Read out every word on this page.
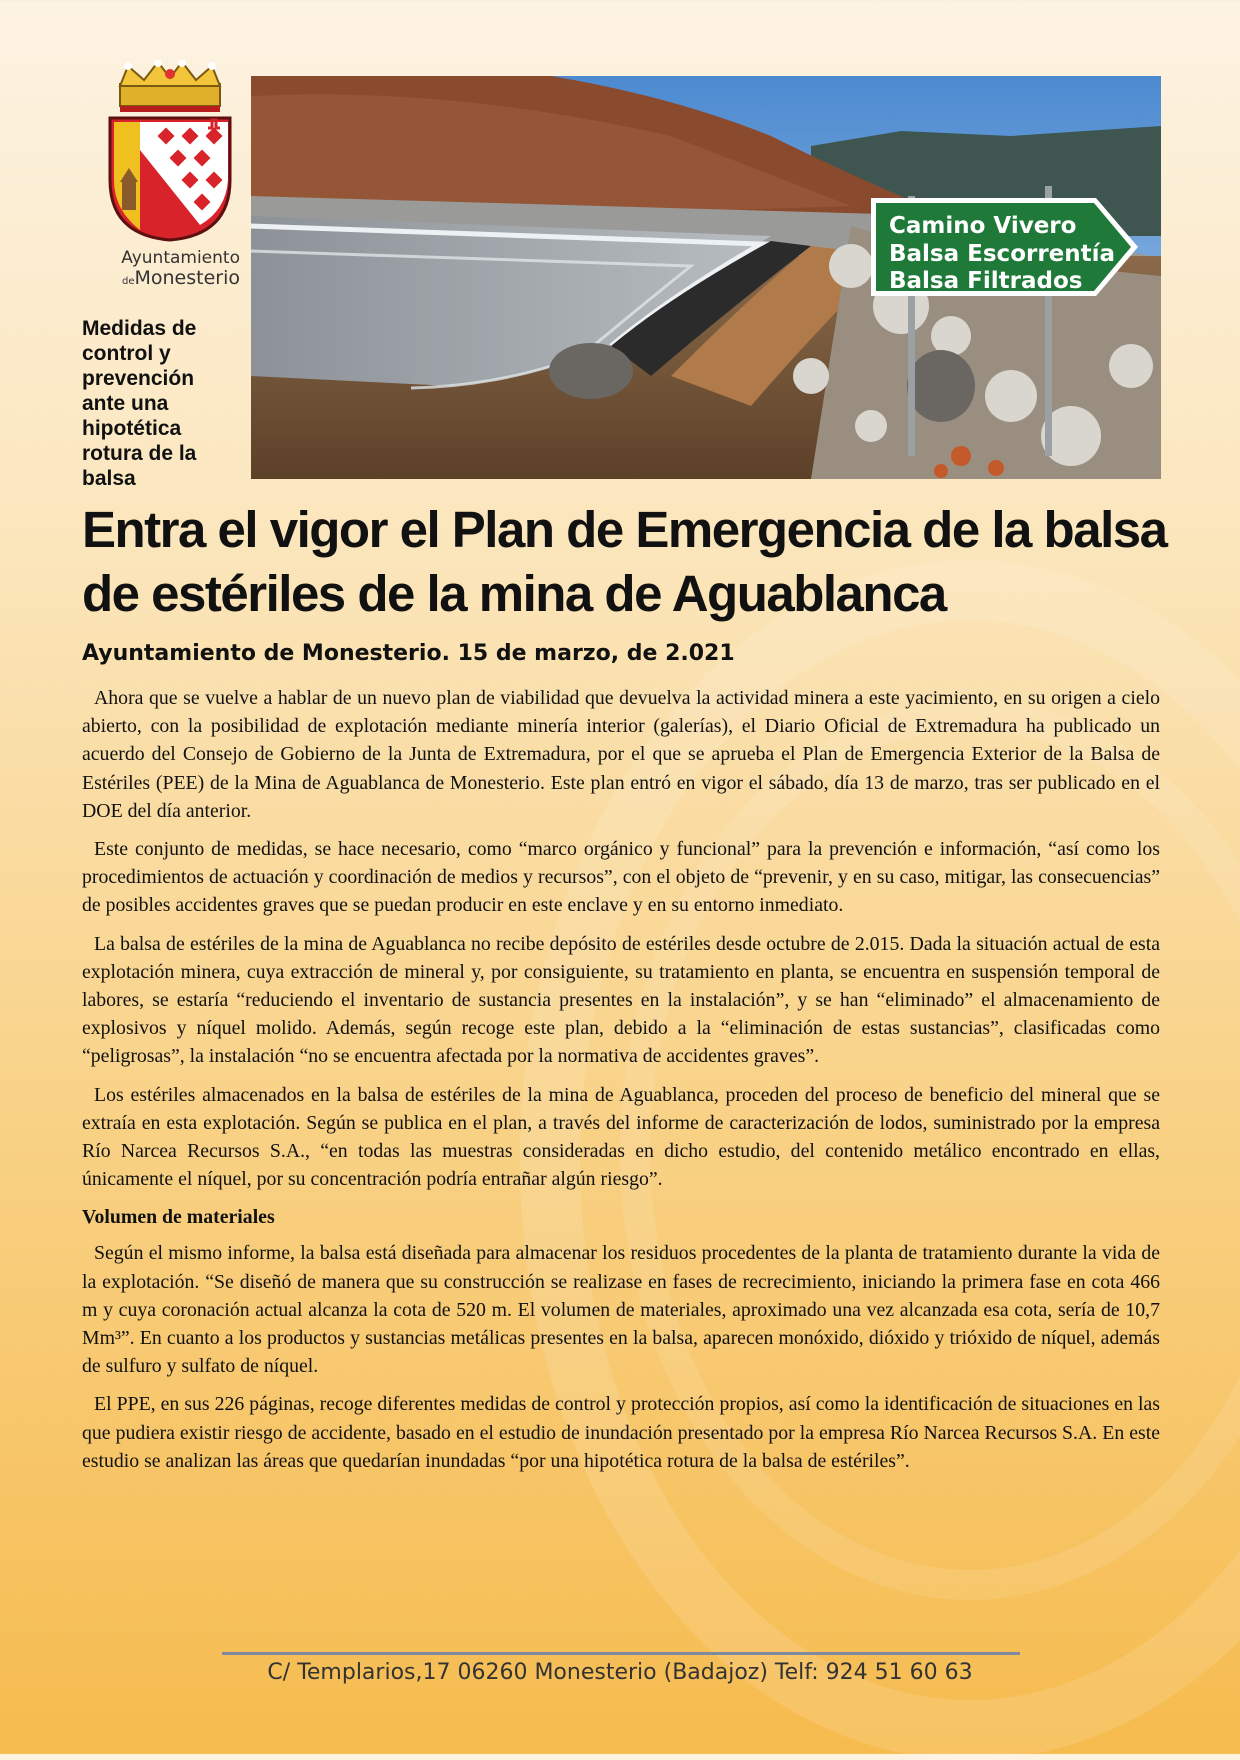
Ayuntamiento
deMonesterio
Medidas de control y prevención ante una hipotética rotura de la balsa
Camino Vivero
Balsa Escorrentía
Balsa Filtrados
Entra el vigor el Plan de Emergencia de la balsa de estériles de la mina de Aguablanca
Ayuntamiento de Monesterio. 15 de marzo, de 2.021

Ahora que se vuelve a hablar de un nuevo plan de viabilidad que devuelva la actividad minera a este yacimiento, en su origen a cielo abierto, con la posibilidad de explotación mediante minería interior (galerías), el Diario Oficial de Extremadura ha publicado un acuerdo del Consejo de Gobierno de la Junta de Extremadura, por el que se aprueba el Plan de Emergencia Exterior de la Balsa de Estériles (PEE) de la Mina de Aguablanca de Monesterio. Este plan entró en vigor el sábado, día 13 de marzo, tras ser publicado en el DOE del día anterior.

Este conjunto de medidas, se hace necesario, como “marco orgánico y funcional” para la prevención e información, “así como los procedimientos de actuación y coordinación de medios y recursos”, con el objeto de “prevenir, y en su caso, mitigar, las consecuencias” de posibles accidentes graves que se puedan producir en este enclave y en su entorno inmediato.

La balsa de estériles de la mina de Aguablanca no recibe depósito de estériles desde octubre de 2.015. Dada la situación actual de esta explotación minera, cuya extracción de mineral y, por consiguiente, su tratamiento en planta, se encuentra en suspensión temporal de labores, se estaría “reduciendo el inventario de sustancia presentes en la instalación”, y se han “eliminado” el almacenamiento de explosivos y níquel molido. Además, según recoge este plan, debido a la “eliminación de estas sustancias”, clasificadas como “peligrosas”, la instalación “no se encuentra afectada por la normativa de accidentes graves”.

Los estériles almacenados en la balsa de estériles de la mina de Aguablanca, proceden del proceso de beneficio del mineral que se extraía en esta explotación. Según se publica en el plan, a través del informe de caracterización de lodos, suministrado por la empresa Río Narcea Recursos S.A., “en todas las muestras consideradas en dicho estudio, del contenido metálico encontrado en ellas, únicamente el níquel, por su concentración podría entrañar algún riesgo”.

Volumen de materiales

Según el mismo informe, la balsa está diseñada para almacenar los residuos procedentes de la planta de tratamiento durante la vida de la explotación. “Se diseñó de manera que su construcción se realizase en fases de recrecimiento, iniciando la primera fase en cota 466 m y cuya coronación actual alcanza la cota de 520 m. El volumen de materiales, aproximado una vez alcanzada esa cota, sería de 10,7 Mm³”. En cuanto a los productos y sustancias metálicas presentes en la balsa, aparecen monóxido, dióxido y trióxido de níquel, además de sulfuro y sulfato de níquel.

El PPE, en sus 226 páginas, recoge diferentes medidas de control y protección propios, así como la identificación de situaciones en las que pudiera existir riesgo de accidente, basado en el estudio de inundación presentado por la empresa Río Narcea Recursos S.A. En este estudio se analizan las áreas que quedarían inundadas “por una hipotética rotura de la balsa de estériles”.

C/ Templarios,17 06260 Monesterio (Badajoz) Telf: 924 51 60 63
